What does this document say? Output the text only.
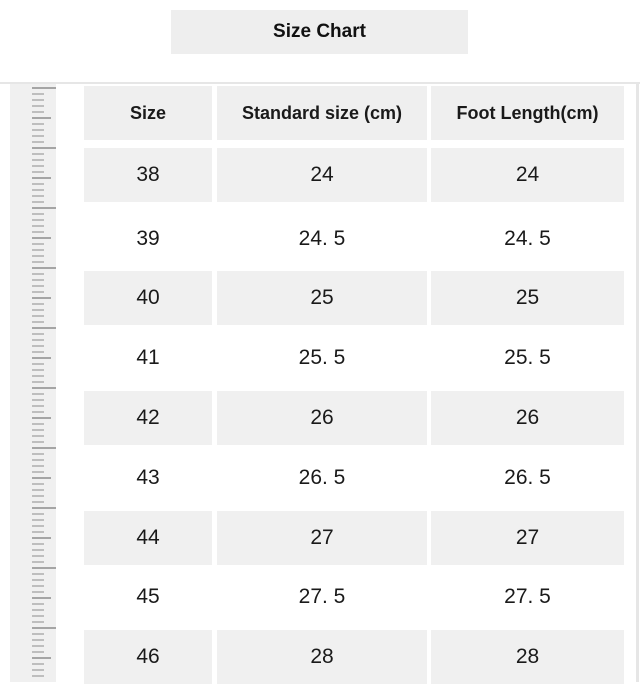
Size Chart
Size	Standard size (cm)	Foot Length(cm)
38	24	24
39	24. 5	24. 5
40	25	25
41	25. 5	25. 5
42	26	26
43	26. 5	26. 5
44	27	27
45	27. 5	27. 5
46	28	28
